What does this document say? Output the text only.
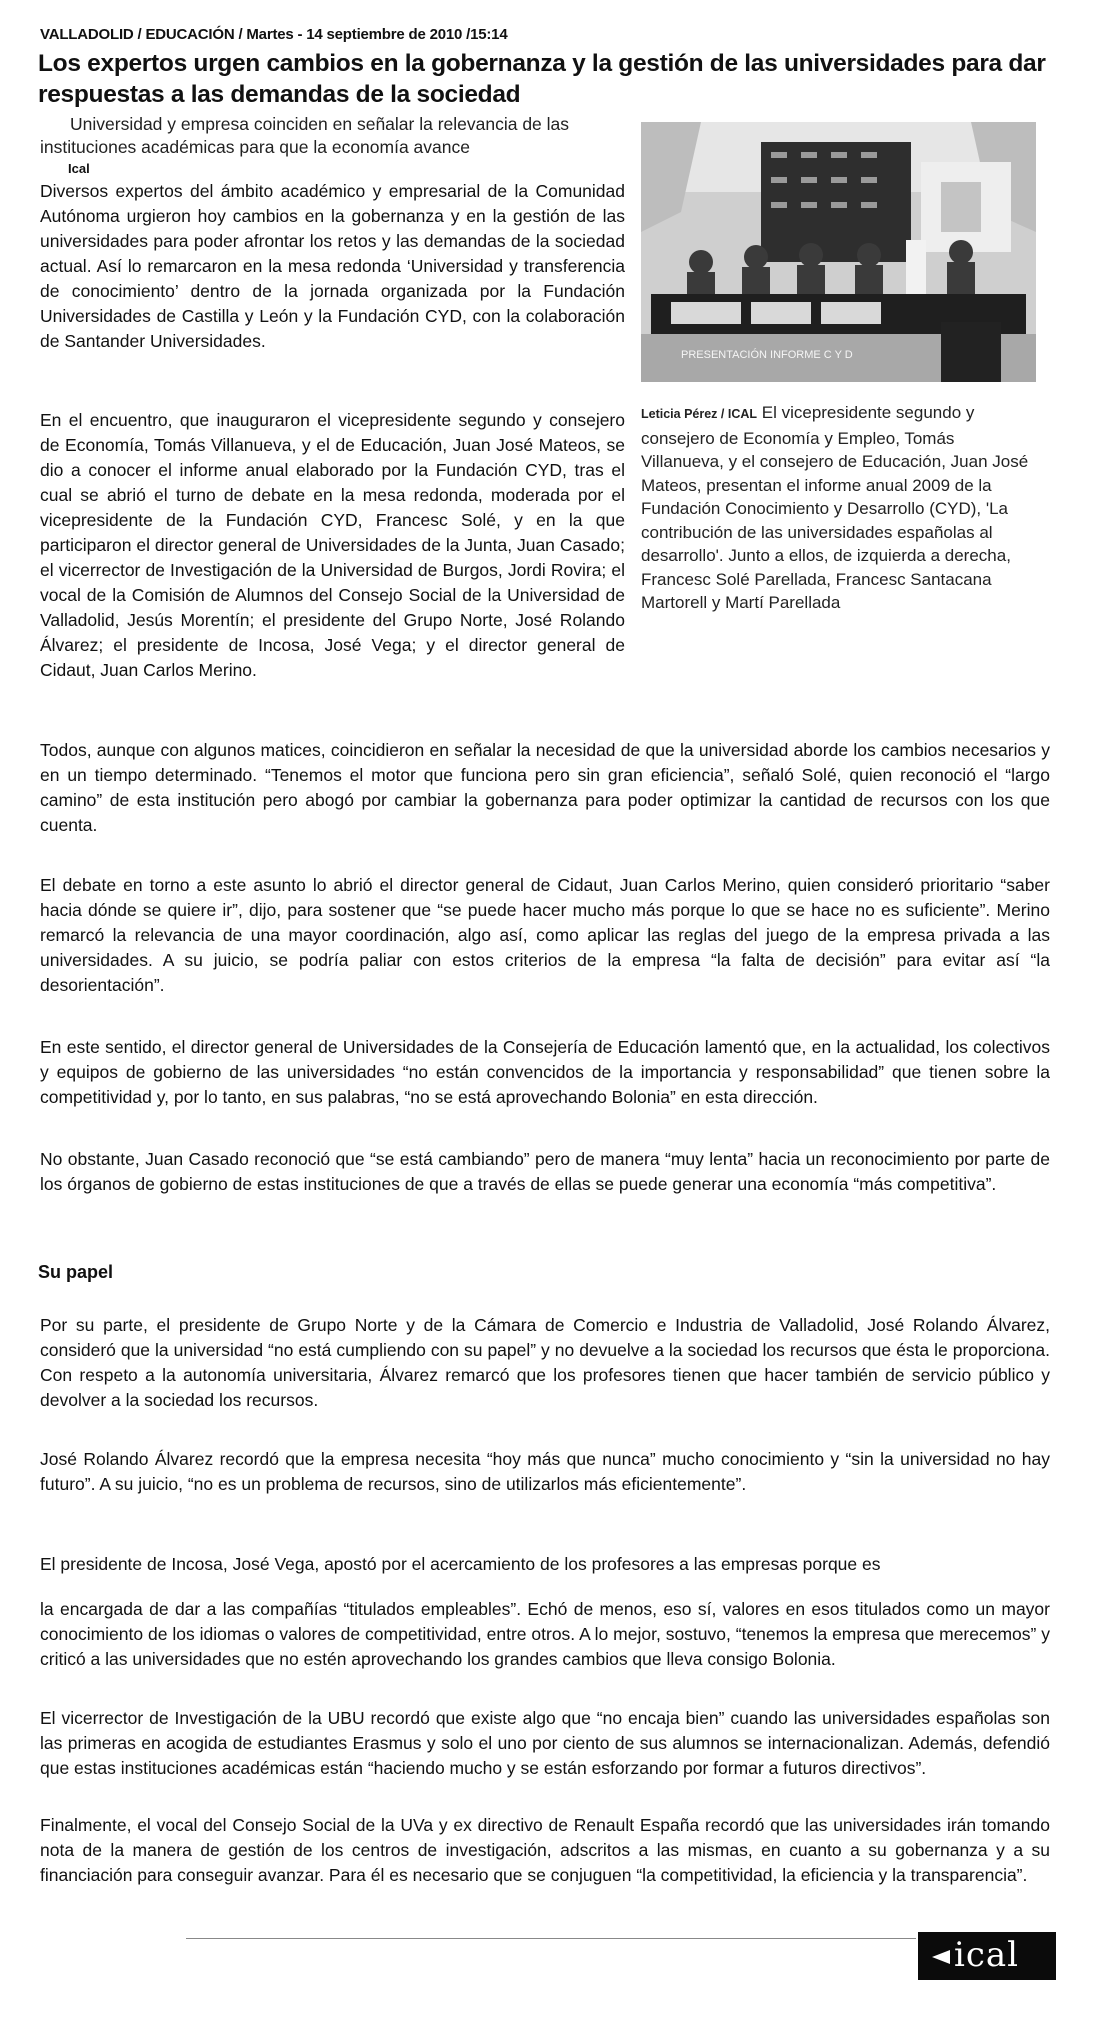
VALLADOLID / EDUCACIÓN / Martes - 14 septiembre de 2010 /15:14
Los expertos urgen cambios en la gobernanza y la gestión de las universidades para dar respuestas a las demandas de la sociedad
Universidad y empresa coinciden en señalar la relevancia de las instituciones académicas para que la economía avance
Ical
Diversos expertos del ámbito académico y empresarial de la Comunidad Autónoma urgieron hoy cambios en la gobernanza y en la gestión de las universidades para poder afrontar los retos y las demandas de la sociedad actual. Así lo remarcaron en la mesa redonda ‘Universidad y transferencia de conocimiento’ dentro de la jornada organizada por la Fundación Universidades de Castilla y León y la Fundación CYD, con la colaboración de Santander Universidades.
En el encuentro, que inauguraron el vicepresidente segundo y consejero de Economía, Tomás Villanueva, y el de Educación, Juan José Mateos, se dio a conocer el informe anual elaborado por la Fundación CYD, tras el cual se abrió el turno de debate en la mesa redonda, moderada por el vicepresidente de la Fundación CYD, Francesc Solé, y en la que participaron el director general de Universidades de la Junta, Juan Casado; el vicerrector de Investigación de la Universidad de Burgos, Jordi Rovira; el vocal de la Comisión de Alumnos del Consejo Social de la Universidad de Valladolid, Jesús Morentín; el presidente del Grupo Norte, José Rolando Álvarez; el presidente de Incosa, José Vega; y el director general de Cidaut, Juan Carlos Merino.
PRESENTACIÓN INFORME C Y D
Leticia Pérez / ICAL El vicepresidente segundo y consejero de Economía y Empleo, Tomás Villanueva, y el consejero de Educación, Juan José Mateos, presentan el informe anual 2009 de la Fundación Conocimiento y Desarrollo (CYD), 'La contribución de las universidades españolas al desarrollo'. Junto a ellos, de izquierda a derecha, Francesc Solé Parellada, Francesc Santacana Martorell y Martí Parellada
Todos, aunque con algunos matices, coincidieron en señalar la necesidad de que la universidad aborde los cambios necesarios y en un tiempo determinado. “Tenemos el motor que funciona pero sin gran eficiencia”, señaló Solé, quien reconoció el “largo camino” de esta institución pero abogó por cambiar la gobernanza para poder optimizar la cantidad de recursos con los que cuenta.
El debate en torno a este asunto lo abrió el director general de Cidaut, Juan Carlos Merino, quien consideró prioritario “saber hacia dónde se quiere ir”, dijo, para sostener que “se puede hacer mucho más porque lo que se hace no es suficiente”. Merino remarcó la relevancia de una mayor coordinación, algo así, como aplicar las reglas del juego de la empresa privada a las universidades. A su juicio, se podría paliar con estos criterios de la empresa “la falta de decisión” para evitar así “la desorientación”.
En este sentido, el director general de Universidades de la Consejería de Educación lamentó que, en la actualidad, los colectivos y equipos de gobierno de las universidades “no están convencidos de la importancia y responsabilidad” que tienen sobre la competitividad y, por lo tanto, en sus palabras, “no se está aprovechando Bolonia” en esta dirección.
No obstante, Juan Casado reconoció que “se está cambiando” pero de manera “muy lenta” hacia un reconocimiento por parte de los órganos de gobierno de estas instituciones de que a través de ellas se puede generar una economía “más competitiva”.
Su papel
Por su parte, el presidente de Grupo Norte y de la Cámara de Comercio e Industria de Valladolid, José Rolando Álvarez, consideró que la universidad “no está cumpliendo con su papel” y no devuelve a la sociedad los recursos que ésta le proporciona. Con respeto a la autonomía universitaria, Álvarez remarcó que los profesores tienen que hacer también de servicio público y devolver a la sociedad los recursos.
José Rolando Álvarez recordó que la empresa necesita “hoy más que nunca” mucho conocimiento y “sin la universidad no hay futuro”. A su juicio, “no es un problema de recursos, sino de utilizarlos más eficientemente”.
El presidente de Incosa, José Vega, apostó por el acercamiento de los profesores a las empresas porque es
la encargada de dar a las compañías “titulados empleables”. Echó de menos, eso sí, valores en esos titulados como un mayor conocimiento de los idiomas o valores de competitividad, entre otros. A lo mejor, sostuvo, “tenemos la empresa que merecemos” y criticó a las universidades que no estén aprovechando los grandes cambios que lleva consigo Bolonia.
El vicerrector de Investigación de la UBU recordó que existe algo que “no encaja bien” cuando las universidades españolas son las primeras en acogida de estudiantes Erasmus y solo el uno por ciento de sus alumnos se internacionalizan. Además, defendió que estas instituciones académicas están “haciendo mucho y se están esforzando por formar a futuros directivos”.
Finalmente, el vocal del Consejo Social de la UVa y ex directivo de Renault España recordó que las universidades irán tomando nota de la manera de gestión de los centros de investigación, adscritos a las mismas, en cuanto a su gobernanza y a su financiación para conseguir avanzar. Para él es necesario que se conjuguen “la competitividad, la eficiencia y la transparencia”.
ical
